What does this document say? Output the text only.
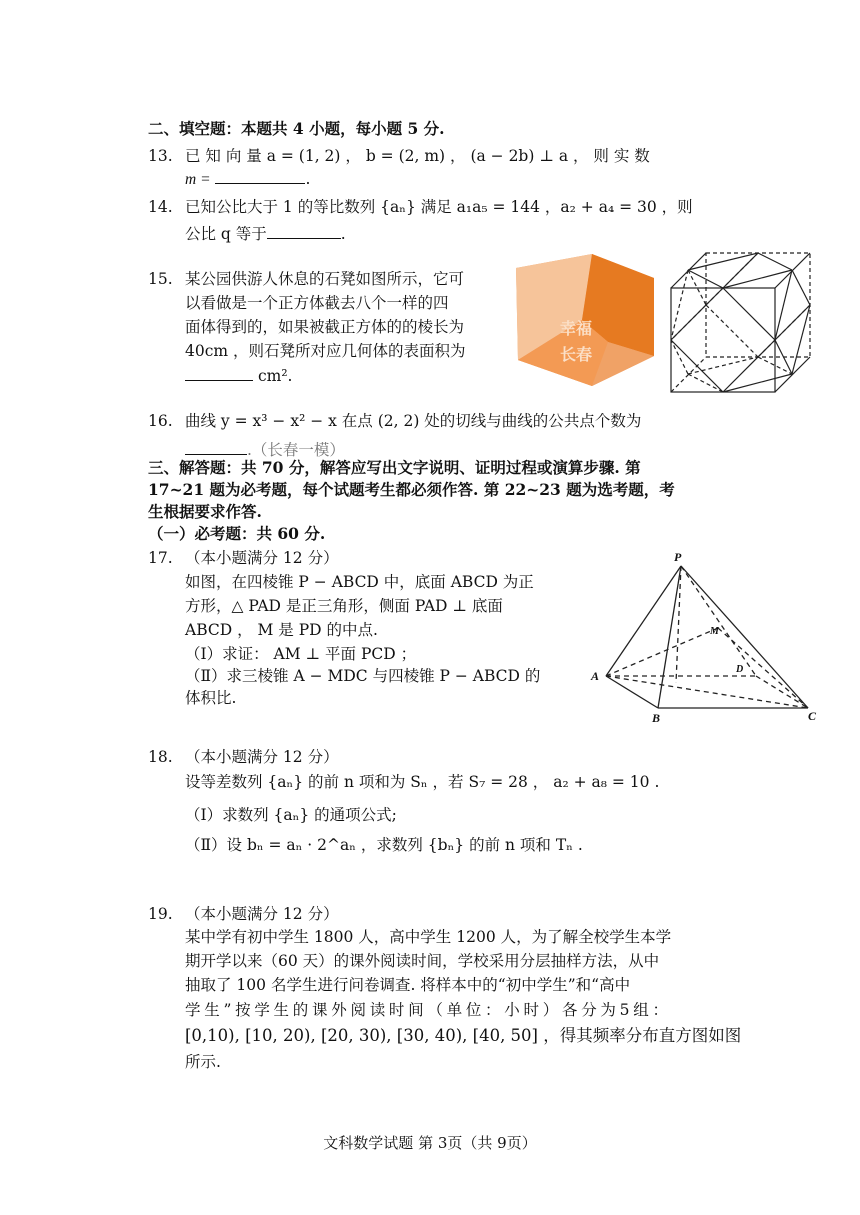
二、填空题：本题共 4 小题，每小题 5 分.
13. 已 知 向 量 a = (1, 2) ， b = (2, m) ， (a − 2b) ⊥ a ， 则 实 数
m =	.
14. 已知公比大于 1 的等比数列 {aₙ} 满足 a₁a₅ = 144 ，a₂ + a₄ = 30 ，则
公比 q 等于	.
15. 某公园供游人休息的石凳如图所示，它可
以看做是一个正方体截去八个一样的四
面体得到的，如果被截正方体的的棱长为
40cm ，则石凳所对应几何体的表面积为
cm².
幸福
长春
16. 曲线 y = x³ − x² − x 在点 (2, 2) 处的切线与曲线的公共点个数为
.（长春一模）
三、解答题：共 70 分，解答应写出文字说明、证明过程或演算步骤. 第
17~21 题为必考题，每个试题考生都必须作答. 第 22~23 题为选考题，考
生根据要求作答.
（一）必考题：共 60 分.
17. （本小题满分 12 分）
如图，在四棱锥 P − ABCD 中，底面 ABCD 为正
方形，△ PAD 是正三角形，侧面 PAD ⊥ 底面
ABCD ， M 是 PD 的中点.
（Ⅰ）求证： AM ⊥ 平面 PCD ；
（Ⅱ）求三棱锥 A − MDC 与四棱锥 P − ABCD 的
体积比.
P
M
D
A
B	C
18. （本小题满分 12 分）
设等差数列 {aₙ} 的前 n 项和为 Sₙ ，若 S₇ = 28 ， a₂ + a₈ = 10 .
（Ⅰ）求数列 {aₙ} 的通项公式;
（Ⅱ）设 bₙ = aₙ · 2^aₙ ，求数列 {bₙ} 的前 n 项和 Tₙ .
19. （本小题满分 12 分）
某中学有初中学生 1800 人，高中学生 1200 人，为了解全校学生本学
期开学以来（60 天）的课外阅读时间，学校采用分层抽样方法，从中
抽取了 100 名学生进行问卷调查. 将样本中的“初中学生”和“高中
学 生 ” 按 学 生 的 课 外 阅 读 时 间 （ 单 位 ： 小 时 ） 各 分 为 5 组 ：
[0,10), [10, 20), [20, 30), [30, 40), [40, 50] ，得其频率分布直方图如图
所示.
文科数学试题 第 3页（共 9页）
